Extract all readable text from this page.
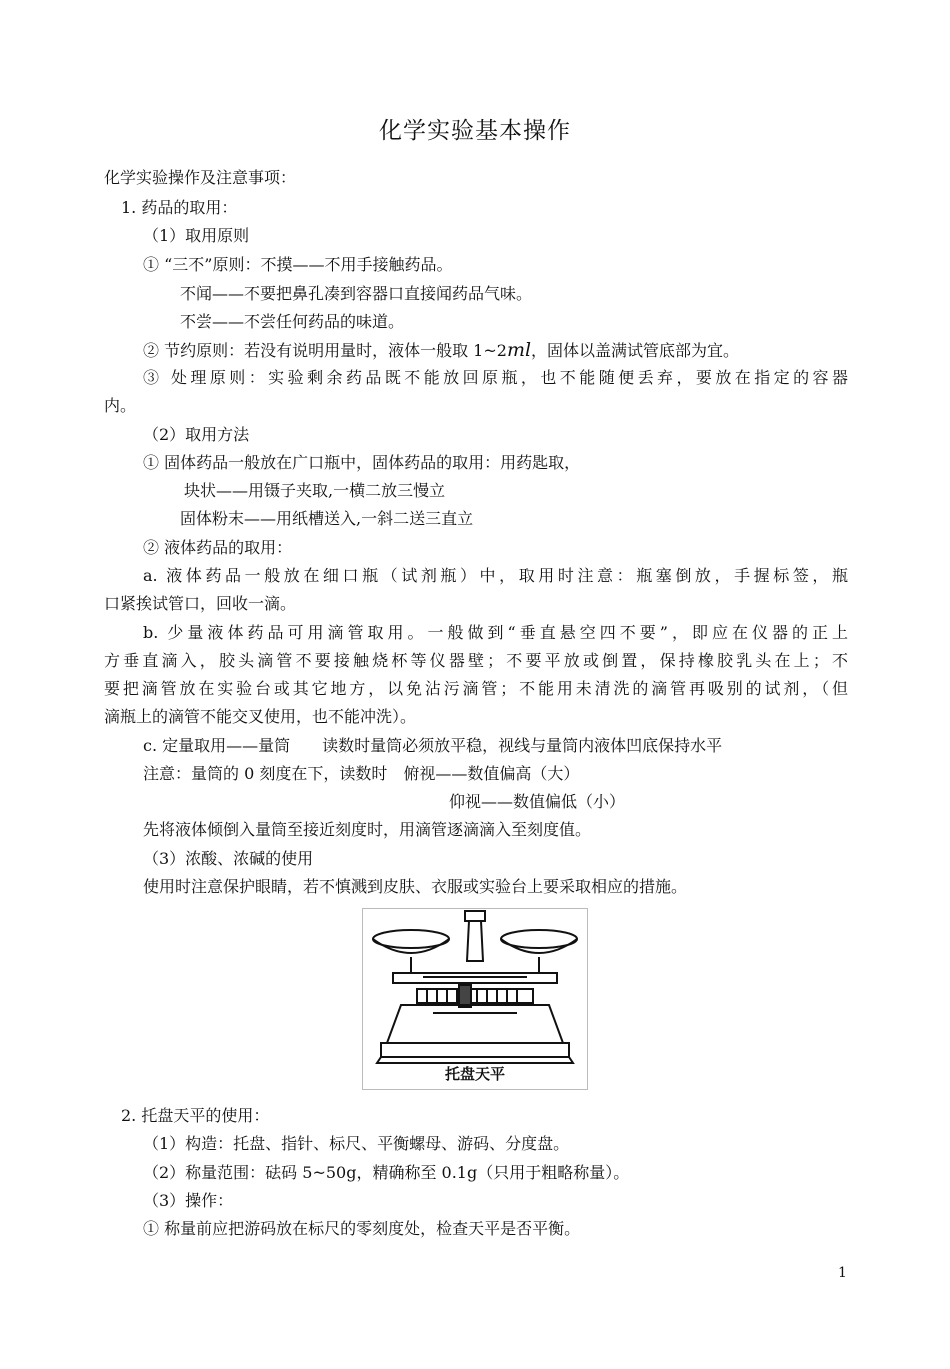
化学实验基本操作
化学实验操作及注意事项：
1. 药品的取用：
（1）取用原则
① “三不”原则：不摸——不用手接触药品。
不闻——不要把鼻孔凑到容器口直接闻药品气味。
不尝——不尝任何药品的味道。
② 节约原则：若没有说明用量时，液体一般取 1~2ml，固体以盖满试管底部为宜。
③ 处理原则：实验剩余药品既不能放回原瓶，也不能随便丢弃，要放在指定的容器
内。
（2）取用方法
① 固体药品一般放在广口瓶中，固体药品的取用：用药匙取，
块状——用镊子夹取,一横二放三慢立
固体粉末——用纸槽送入,一斜二送三直立
② 液体药品的取用：
a. 液体药品一般放在细口瓶（试剂瓶）中，取用时注意：瓶塞倒放，手握标签，瓶
口紧挨试管口，回收一滴。
b. 少量液体药品可用滴管取用。一般做到“垂直悬空四不要”，即应在仪器的正上
方垂直滴入，胶头滴管不要接触烧杯等仪器壁；不要平放或倒置，保持橡胶乳头在上；不
要把滴管放在实验台或其它地方，以免沾污滴管；不能用未清洗的滴管再吸别的试剂，（但
滴瓶上的滴管不能交叉使用，也不能冲洗）。
c. 定量取用——量筒　　读数时量筒必须放平稳，视线与量筒内液体凹底保持水平
注意：量筒的 0 刻度在下，读数时　俯视——数值偏高（大）
仰视——数值偏低（小）
先将液体倾倒入量筒至接近刻度时，用滴管逐滴滴入至刻度值。
（3）浓酸、浓碱的使用
使用时注意保护眼睛，若不慎溅到皮肤、衣服或实验台上要采取相应的措施。
托盘天平
2. 托盘天平的使用：
（1）构造：托盘、指针、标尺、平衡螺母、游码、分度盘。
（2）称量范围：砝码 5~50g，精确称至 0.1g（只用于粗略称量）。
（3）操作：
① 称量前应把游码放在标尺的零刻度处，检查天平是否平衡。
1
